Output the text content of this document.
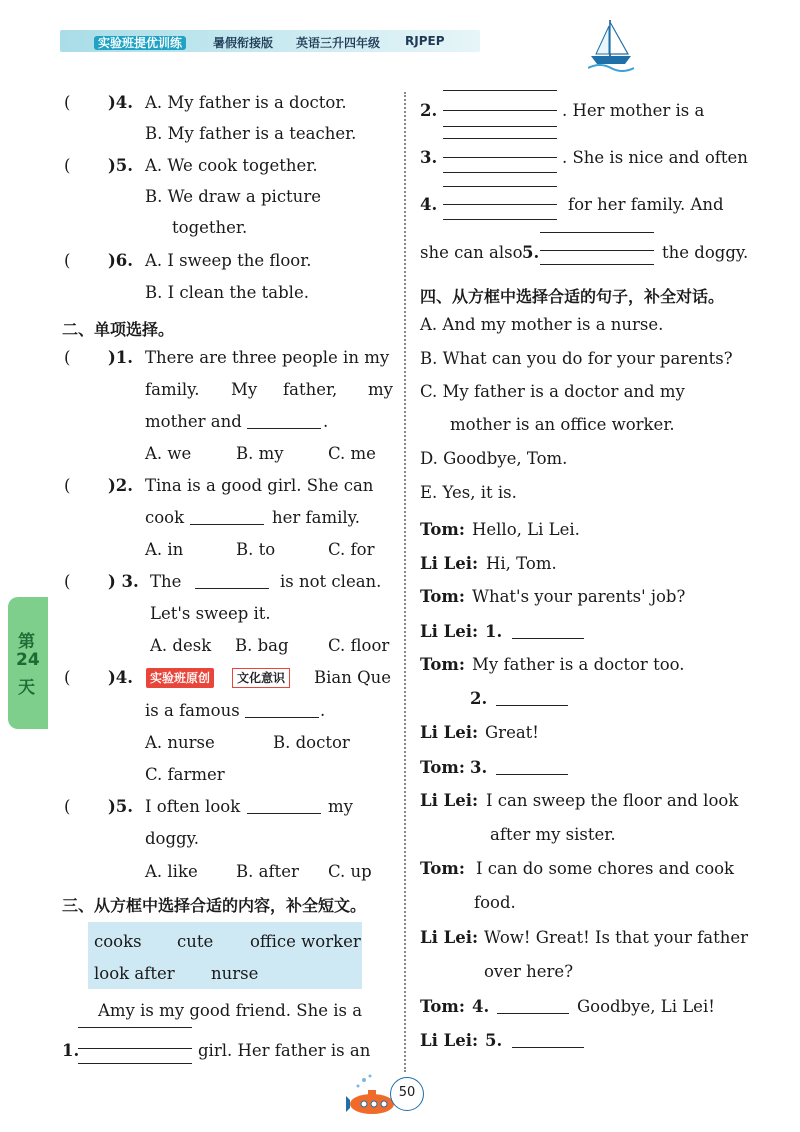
实验班提优训练	暑假衔接版 英语三升四年级 RJPEP
第
24
天
( )4. A. My father is a doctor.
B. My father is a teacher.
( )5. A. We cook together.
B. We draw a picture
together.
( )6. A. I sweep the floor.
B. I clean the table.
二、单项选择。
( )1. There are three people in my
family. My father, my
mother and	.
A. we	B. my	C. me
( )2. Tina is a good girl. She can
cook	her family.
A. in	B. to	C. for
( ) 3. The	is not clean.
Let's sweep it.
A. desk B. bag C. floor
( )4.	实验班原创	文化意识	Bian Que
is a famous	.
A. nurse	B. doctor
C. farmer
( )5. I often look	my
doggy.
A. like B. after C. up
三、从方框中选择合适的内容，补全短文。
cooks cute office worker
look after nurse
Amy is my good friend. She is a
1.	girl. Her father is an
2.	. Her mother is a
3.	. She is nice and often
4.	for her family. And
she can also 5.	the doggy.
四、从方框中选择合适的句子，补全对话。
A. And my mother is a nurse.
B. What can you do for your parents?
C. My father is a doctor and my
mother is an office worker.
D. Goodbye, Tom.
E. Yes, it is.
Tom: Hello, Li Lei.
Li Lei: Hi, Tom.
Tom: What's your parents' job?
Li Lei: 1.
Tom: My father is a doctor too.
2.
Li Lei: Great!
Tom: 3.
Li Lei: I can sweep the floor and look
after my sister.
Tom: I can do some chores and cook
food.
Li Lei: Wow! Great! Is that your father
over here?
Tom: 4.	Goodbye, Li Lei!
Li Lei: 5.
50
